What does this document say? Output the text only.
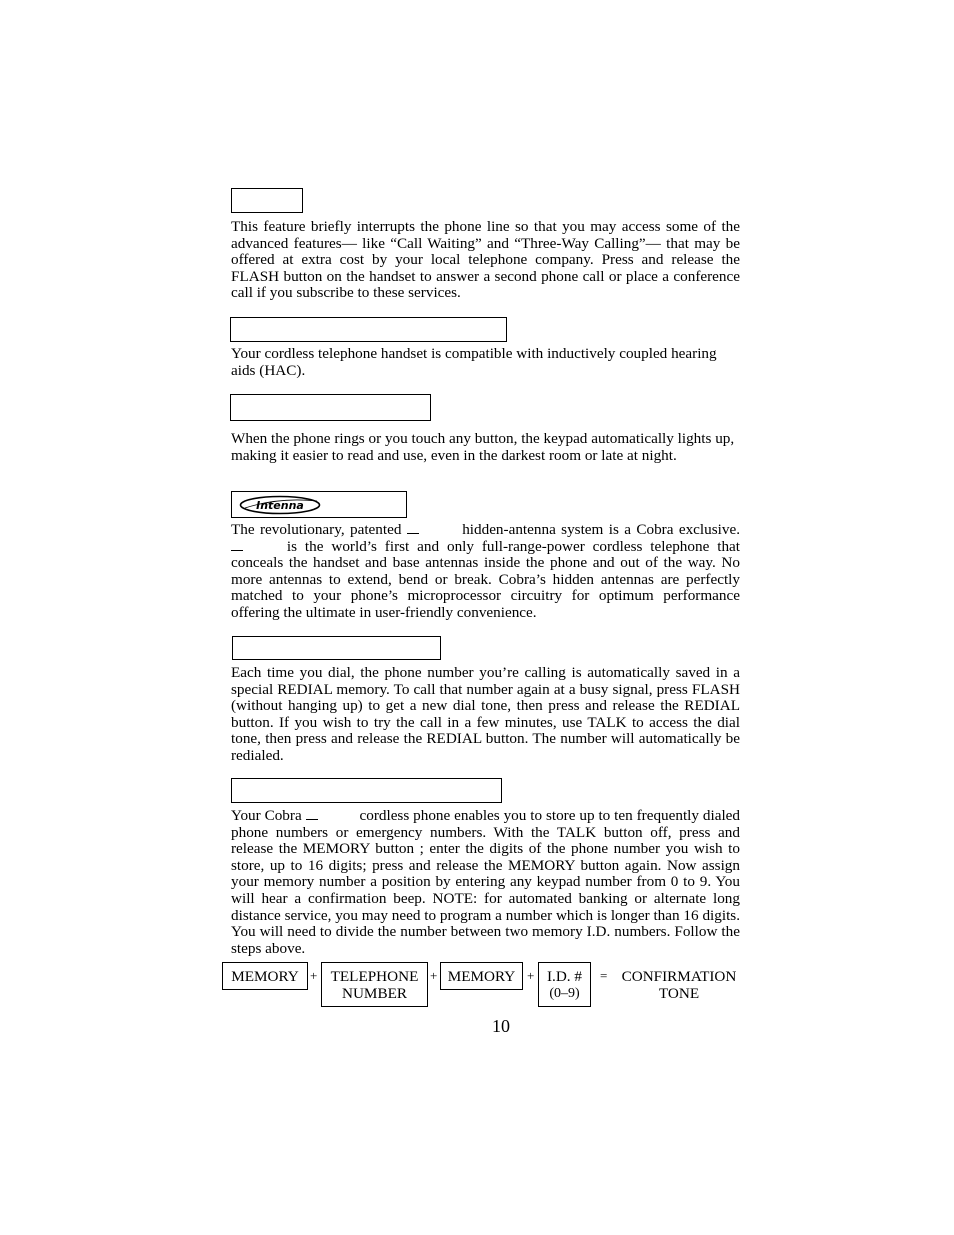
This feature briefly interrupts the phone line so that you may access some of the advanced features— like “Call Waiting” and “Three-Way Calling”— that may be offered at extra cost by your local telephone company. Press and release the FLASH button on the handset to answer a second phone call or place a conference call if you subscribe to these services.

Your cordless telephone handset is compatible with inductively coupled hearing aids (HAC).

When the phone rings or you touch any button, the keypad automatically lights up, making it easier to read and use, even in the darkest room or late at night.

Intenna

The revolutionary, patented	hidden-antenna system is a Cobra exclusive.  is the world’s first and only full-range-power cordless telephone that conceals the handset and base antennas inside the phone and out of the way. No more antennas to extend, bend or break. Cobra’s hidden antennas are perfectly matched to your phone’s microprocessor circuitry for optimum performance offering the ultimate in user-friendly convenience.

Each time you dial, the phone number you’re calling is automatically saved in a special REDIAL memory. To call that number again at a busy signal, press FLASH (without hanging up) to get a new dial tone, then press and release the REDIAL button. If you wish to try the call in a few minutes, use TALK to access the dial tone, then press and release the REDIAL button. The number will automatically be redialed.

Your Cobra	cordless phone enables you to store up to ten frequently dialed phone numbers or emergency numbers. With the TALK button off, press and release the MEMORY button ; enter the digits of the phone number you wish to store, up to 16 digits; press and release the MEMORY button again. Now assign your memory number a position by entering any keypad number from 0 to 9. You will hear a confirmation beep. NOTE: for automated banking or alternate long distance service, you may need to program a number which is longer than 16 digits. You will need to divide the number between two memory I.D. numbers. Follow the steps above.

MEMORY + TELEPHONE
NUMBER
+ MEMORY + I.D. #
(0–9)
= CONFIRMATION
TONE
10
